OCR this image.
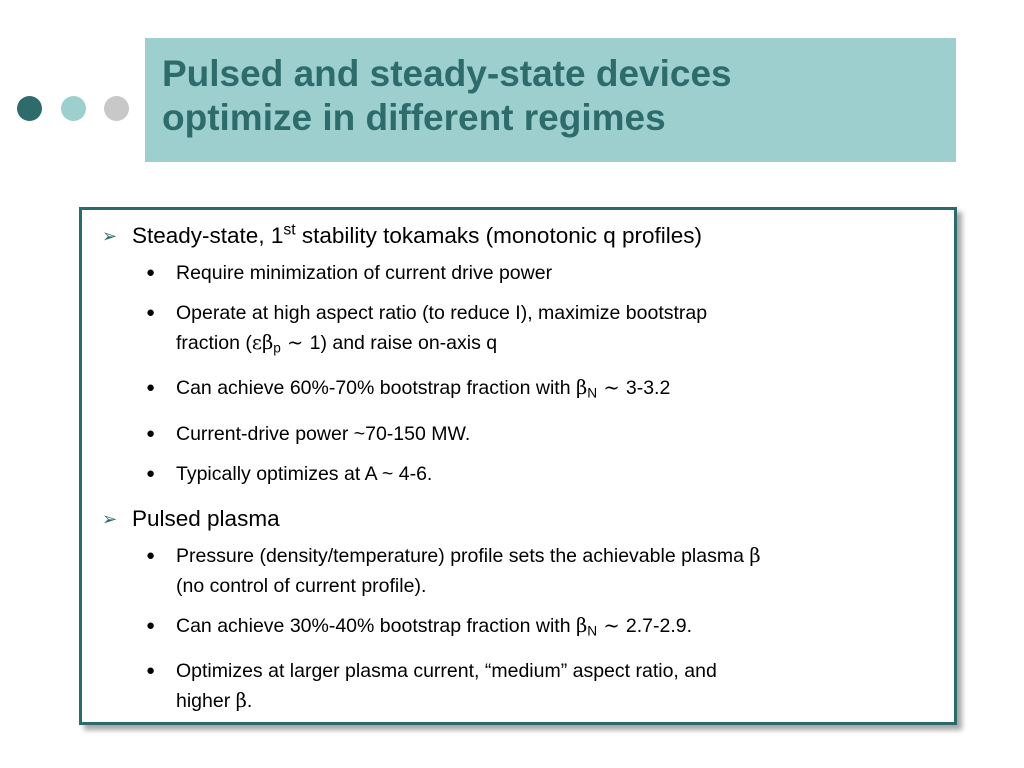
Pulsed and steady-state devices
optimize in different regimes

➢ Steady-state, 1st stability tokamaks (monotonic q profiles)
● Require minimization of current drive power
● Operate at high aspect ratio (to reduce I), maximize bootstrap
fraction ($\varepsilon\beta_p$ ~ 1) and raise on-axis q
● Can achieve 60%-70% bootstrap fraction with $\beta_N$ ~ 3-3.2
● Current-drive power ~70-150 MW.
● Typically optimizes at A ~ 4-6.
➢ Pulsed plasma
● Pressure (density/temperature) profile sets the achievable plasma β
(no control of current profile).
● Can achieve 30%-40% bootstrap fraction with $\beta_N$ ~ 2.7-2.9.
● Optimizes at larger plasma current, “medium” aspect ratio, and
higher β.
